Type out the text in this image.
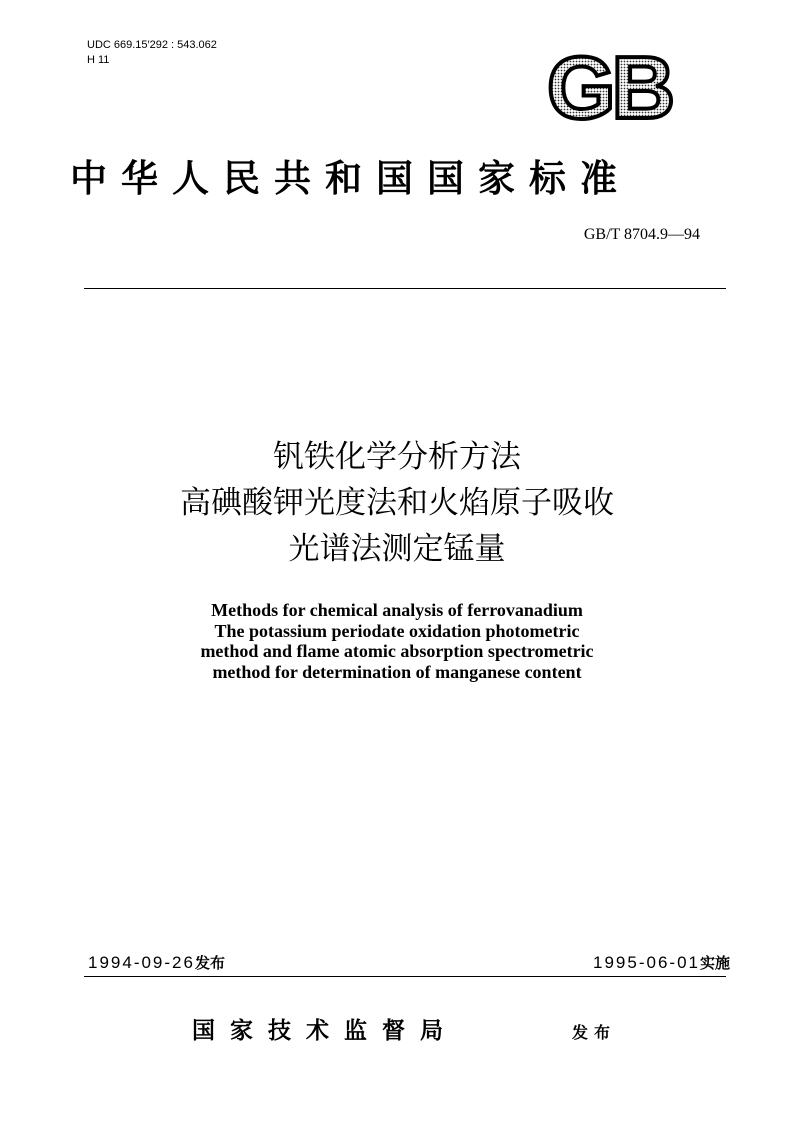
UDC 669.15′292 : 543.062
H 11	GB
中华人民共和国国家标准
GB/T 8704.9—94
钒铁化学分析方法
高碘酸钾光度法和火焰原子吸收
光谱法测定锰量
Methods for chemical analysis of ferrovanadium
The potassium periodate oxidation photometric
method and flame atomic absorption spectrometric
method for determination of manganese content
1994-09-26发布	1995-06-01实施
国家技术监督局	发布
